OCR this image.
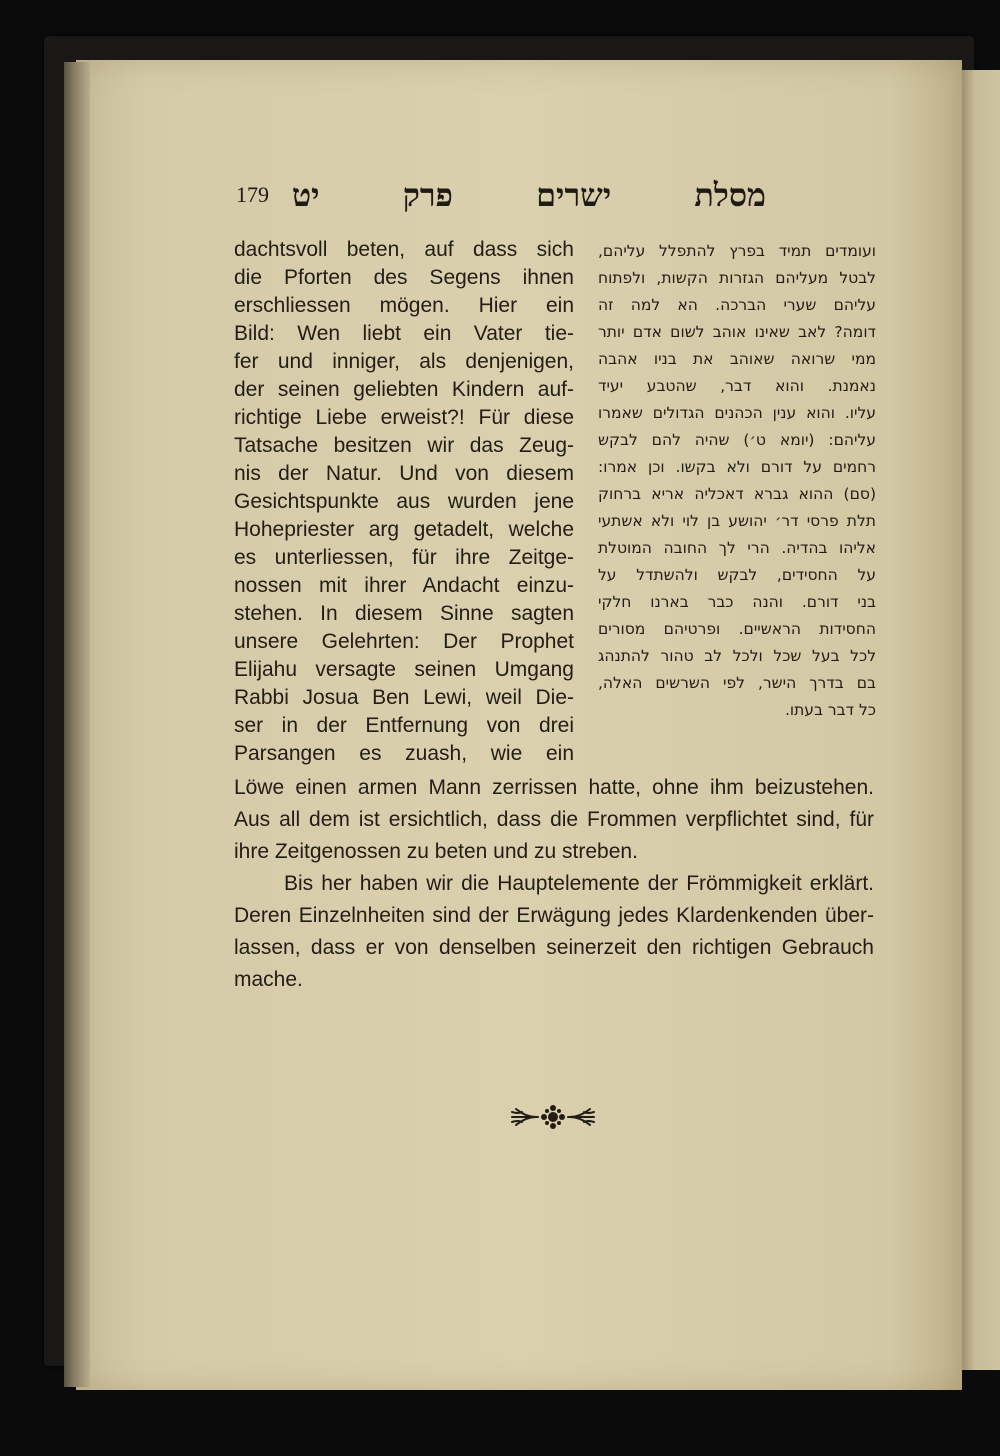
179 מסלת ישרים פרק יט
dachtsvoll beten, auf dass sich
die Pforten des Segens ihnen
erschliessen mögen. Hier ein
Bild: Wen liebt ein Vater tie-
fer und inniger, als denjenigen,
der seinen geliebten Kindern auf-
richtige Liebe erweist?! Für diese
Tatsache besitzen wir das Zeug-
nis der Natur. Und von diesem
Gesichtspunkte aus wurden jene
Hohepriester arg getadelt, welche
es unterliessen, für ihre Zeitge-
nossen mit ihrer Andacht einzu-
stehen. In diesem Sinne sagten
unsere Gelehrten: Der Prophet
Elijahu versagte seinen Umgang
Rabbi Josua Ben Lewi, weil Die-
ser in der Entfernung von drei
Parsangen es zuash, wie ein
ועומדים תמיד בפרץ להתפלל עליהם,
לבטל מעליהם הגזרות הקשות, ולפתוח
עליהם שערי הברכה. הא למה זה
דומה? לאב שאינו אוהב לשום אדם יותר
ממי שרואה שאוהב את בניו אהבה
נאמנת. והוא דבר, שהטבע יעיד
עליו. והוא ענין הכהנים הגדולים שאמרו
עליהם: (יומא ט׳) שהיה להם לבקש
רחמים על דורם ולא בקשו. וכן אמרו:
(סם) ההוא גברא דאכליה אריא ברחוק
תלת פרסי דר׳ יהושע בן לוי ולא אשתעי
אליהו בהדיה. הרי לך החובה המוטלת
על החסידים, לבקש ולהשתדל על
בני דורם. והנה כבר בארנו חלקי
החסידות הראשיים. ופרטיהם מסורים
לכל בעל שכל ולכל לב טהור להתנהג
בם בדרך הישר, לפי השרשים האלה,
כל דבר בעתו.
Löwe einen armen Mann zerrissen hatte, ohne ihm beizustehen.
Aus all dem ist ersichtlich, dass die Frommen verpflichtet sind, für
ihre Zeitgenossen zu beten und zu streben.
Bis her haben wir die Hauptelemente der Frömmigkeit erklärt.
Deren Einzelnheiten sind der Erwägung jedes Klardenkenden über-
lassen, dass er von denselben seinerzeit den richtigen Gebrauch
mache.
